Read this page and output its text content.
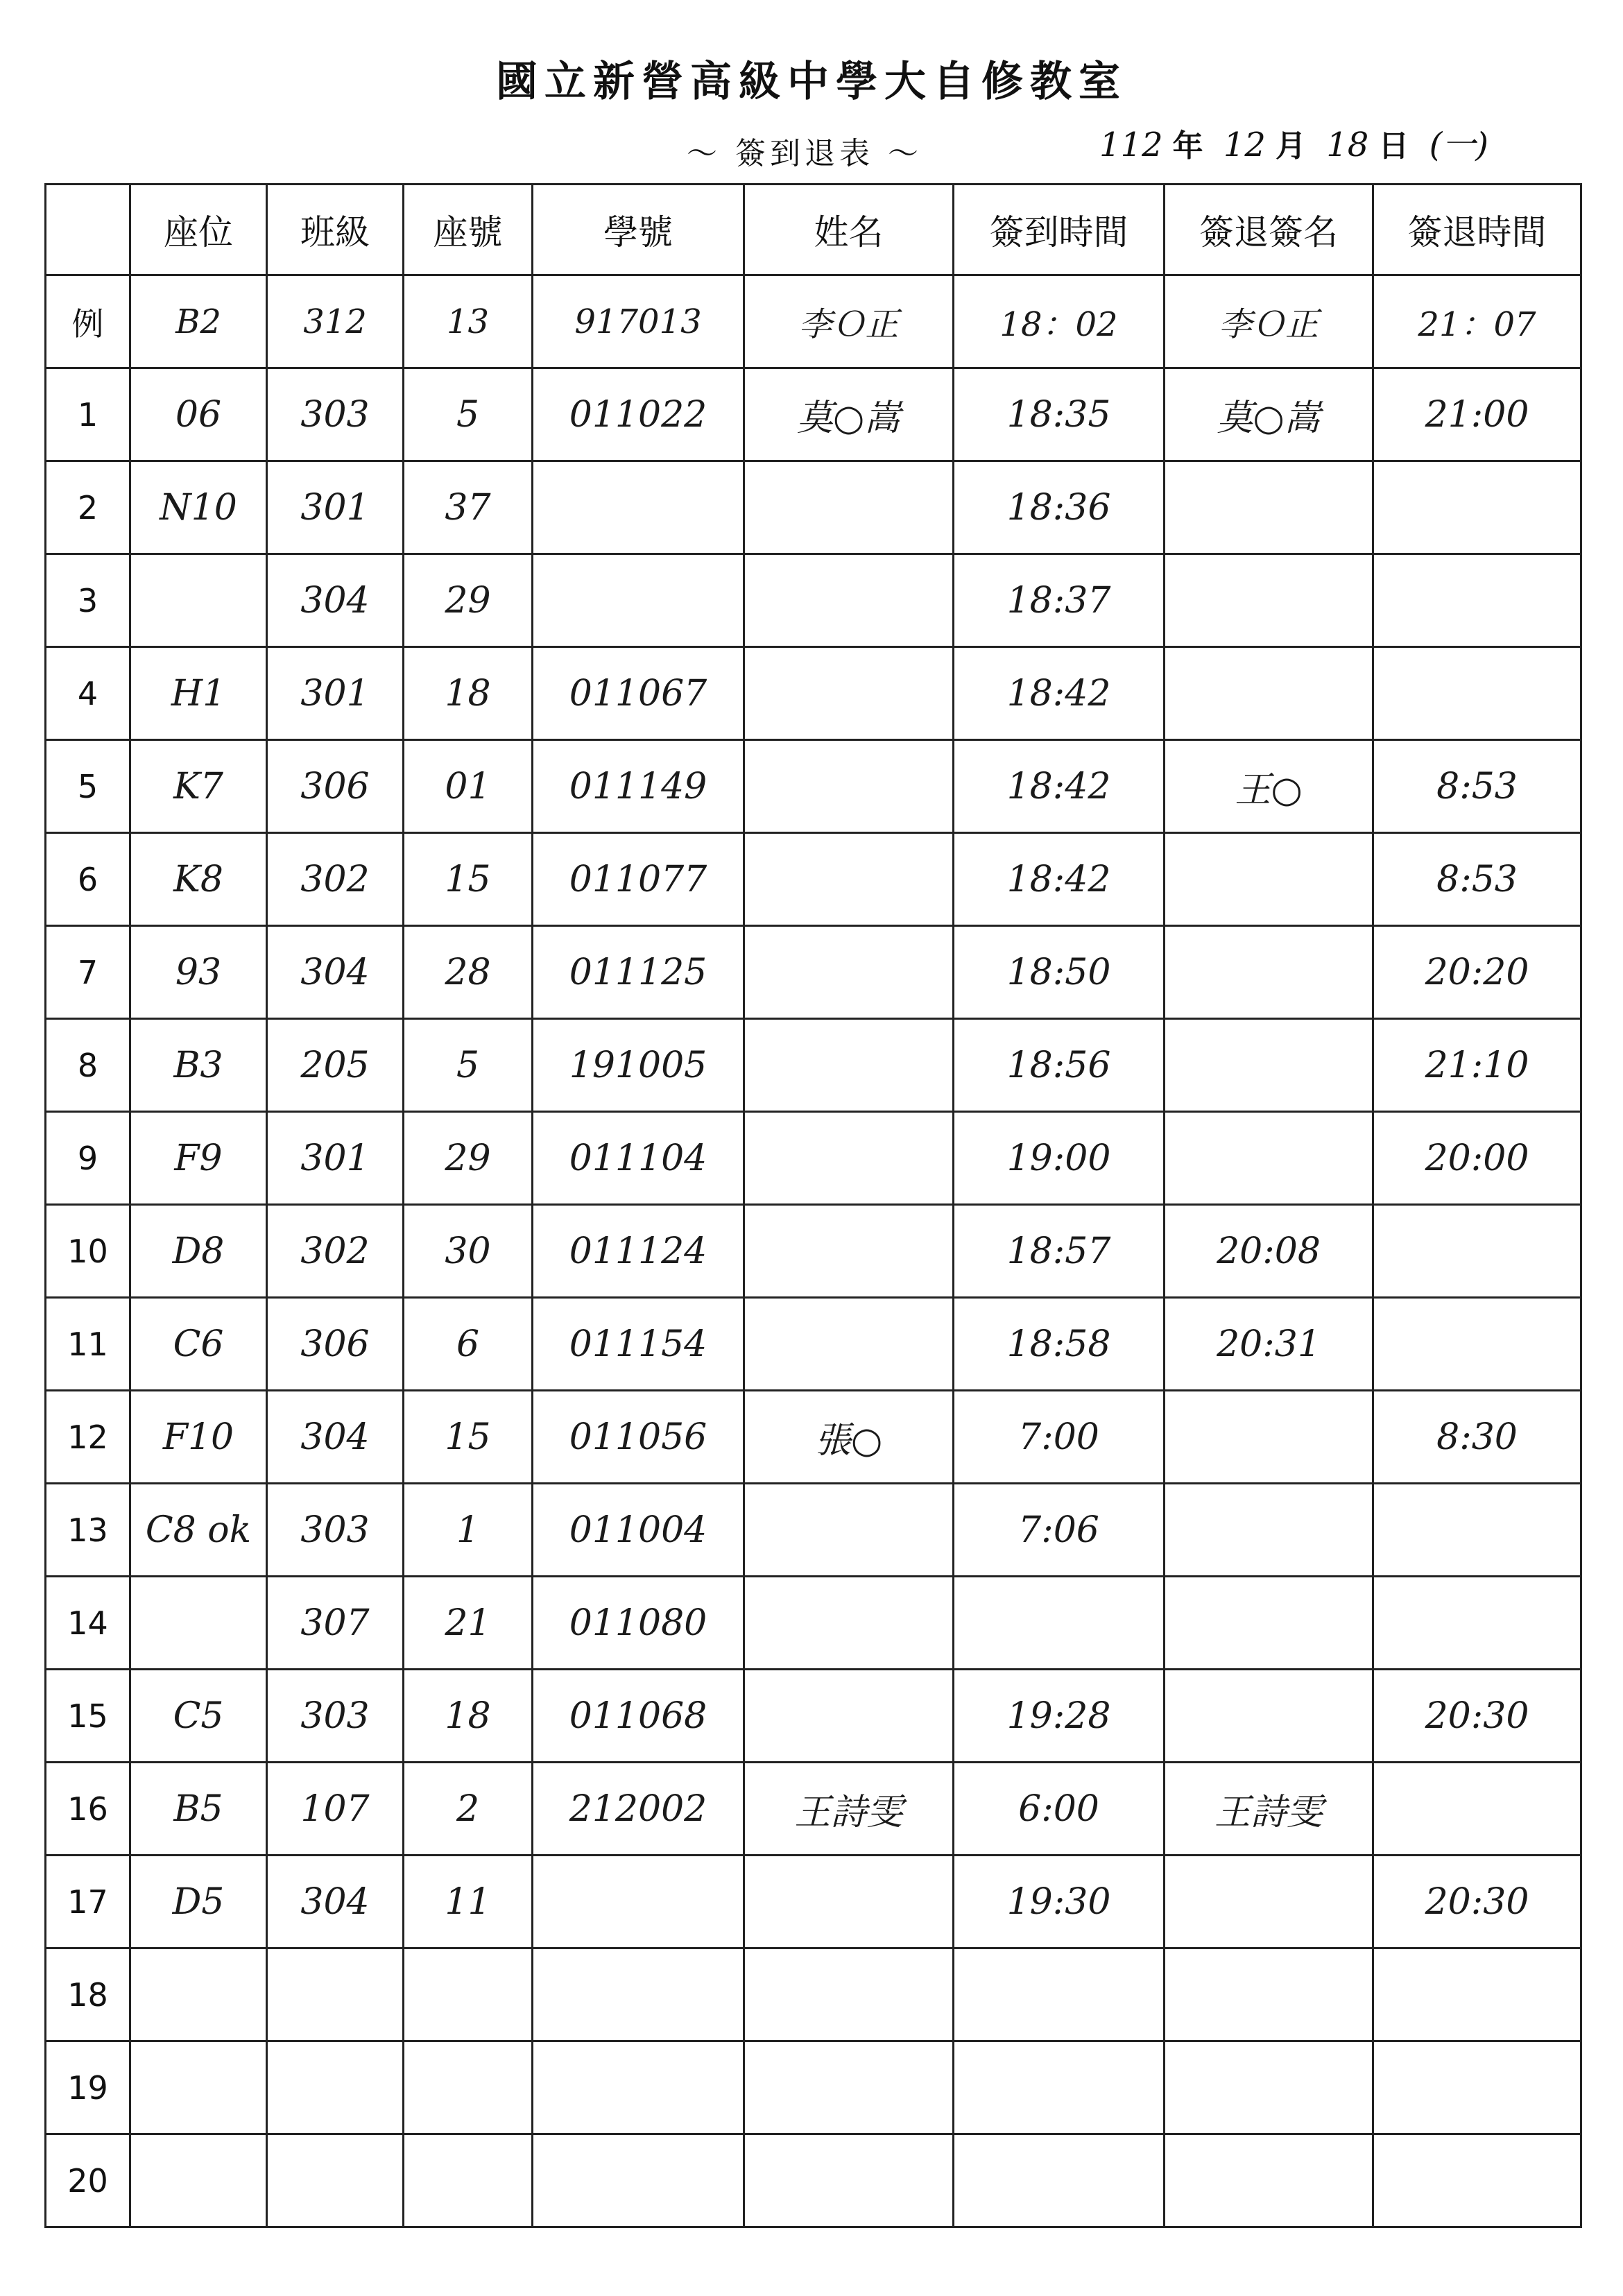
國立新營高級中學大自修教室
～ 簽到退表 ～	112 年 12 月 18 日 (一)
	座位	班級	座號	學號	姓名	簽到時間	簽退簽名	簽退時間
例	B2	312	13	917013	李Ｏ正	18：02	李Ｏ正	21：07
1	06	303	5	011022	莫○嵩	18:35	莫○嵩	21:00
2	N10	301	37			18:36		
3		304	29			18:37		
4	H1	301	18	011067		18:42		
5	K7	306	01	011149		18:42	王○	8:53
6	K8	302	15	011077		18:42		8:53
7	93	304	28	011125		18:50		20:20
8	B3	205	5	191005		18:56		21:10
9	F9	301	29	011104		19:00		20:00
10	D8	302	30	011124		18:57	20:08	
11	C6	306	6	011154		18:58	20:31	
12	F10	304	15	011056	張○	7:00		8:30
13	C8 ok	303	1	011004		7:06		
14		307	21	011080				
15	C5	303	18	011068		19:28		20:30
16	B5	107	2	212002	王詩雯	6:00	王詩雯	
17	D5	304	11			19:30		20:30
18								
19								
20								
